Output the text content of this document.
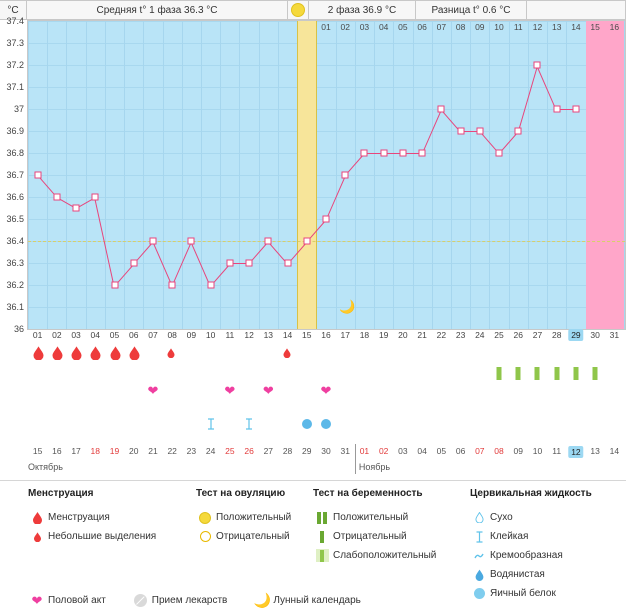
°C	Средняя t° 1 фаза 36.3 °C	2 фаза 36.9 °C	Разница t° 0.6 °C
37.4
37.3
37.2
37.1
37
36.9
36.8
36.7
36.6
36.5
36.4
36.3
36.2
36.1
36
01 02 03 04 05 06 07 08 09 10 11 12 13 14 15 16
🌙
01 02 03 04 05 06 07 08 09 10 11 12 13 14 15 16 17 18 19 20 21 22 23 24 25 26 27 28	29	30 31
❤	❤ ❤	❤
15 16 17 18 19 20 21 22 23 24 25 26 27 28 29 30 31 01 02 03 04 05 06 07 08 09 10 11	12	13 14
Октябрь	Ноябрь
Менструация
Менструация
Небольшие выделения
Тест на овуляцию
Положительный
Отрицательный
Тест на беременность
Положительный
Отрицательный
Слабоположительный
Цервикальная жидкость
Сухо
Клейкая
Кремообразная
Водянистая
Яичный белок
❤ Половой акт	Прием лекарств 🌙 Лунный календарь
